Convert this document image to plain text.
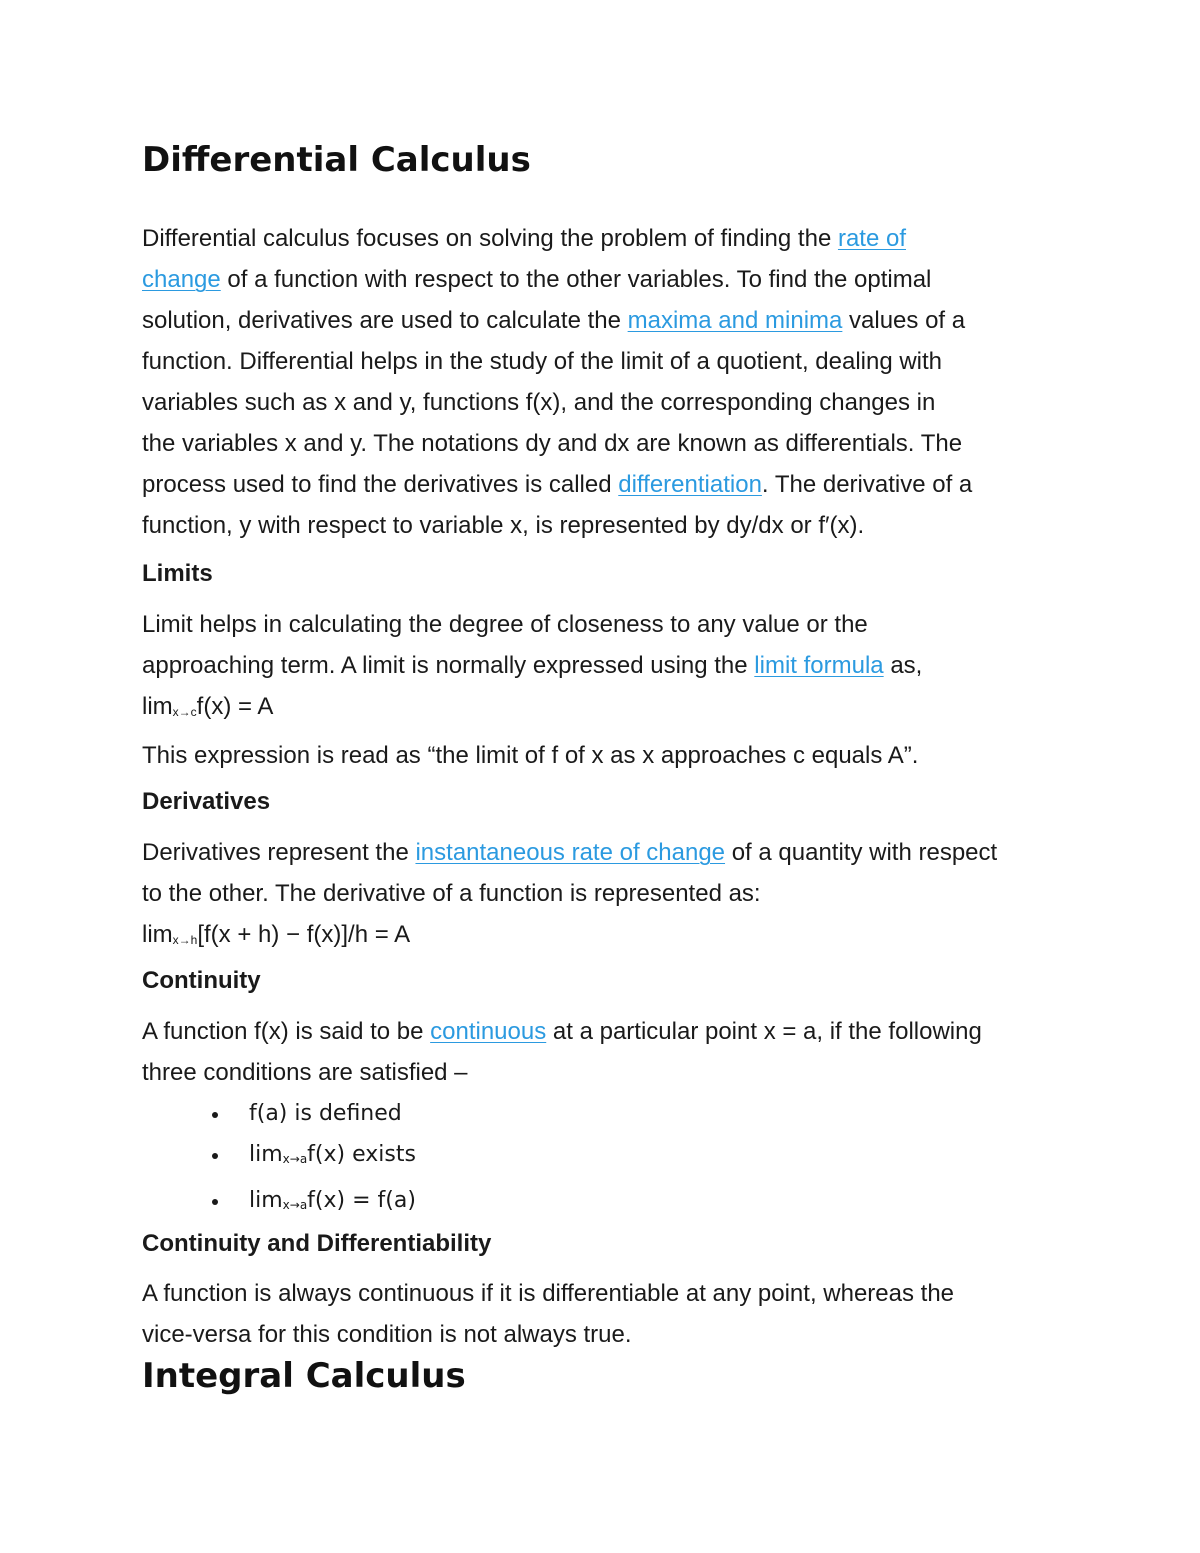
Differential Calculus
Differential calculus focuses on solving the problem of finding the rate of
change of a function with respect to the other variables. To find the optimal
solution, derivatives are used to calculate the maxima and minima values of a
function. Differential helps in the study of the limit of a quotient, dealing with
variables such as x and y, functions f(x), and the corresponding changes in
the variables x and y. The notations dy and dx are known as differentials. The
process used to find the derivatives is called differentiation. The derivative of a
function, y with respect to variable x, is represented by dy/dx or f′(x).
Limits
Limit helps in calculating the degree of closeness to any value or the
approaching term. A limit is normally expressed using the limit formula as,
limx→cf(x) = A
This expression is read as “the limit of f of x as x approaches c equals A”.
Derivatives
Derivatives represent the instantaneous rate of change of a quantity with respect
to the other. The derivative of a function is represented as:
limx→h[f(x + h) − f(x)]/h = A
Continuity
A function f(x) is said to be continuous at a particular point x = a, if the following
three conditions are satisfied –
f(a) is defined
limx→af(x) exists
limx→af(x) = f(a)
Continuity and Differentiability
A function is always continuous if it is differentiable at any point, whereas the
vice-versa for this condition is not always true.
Integral Calculus
